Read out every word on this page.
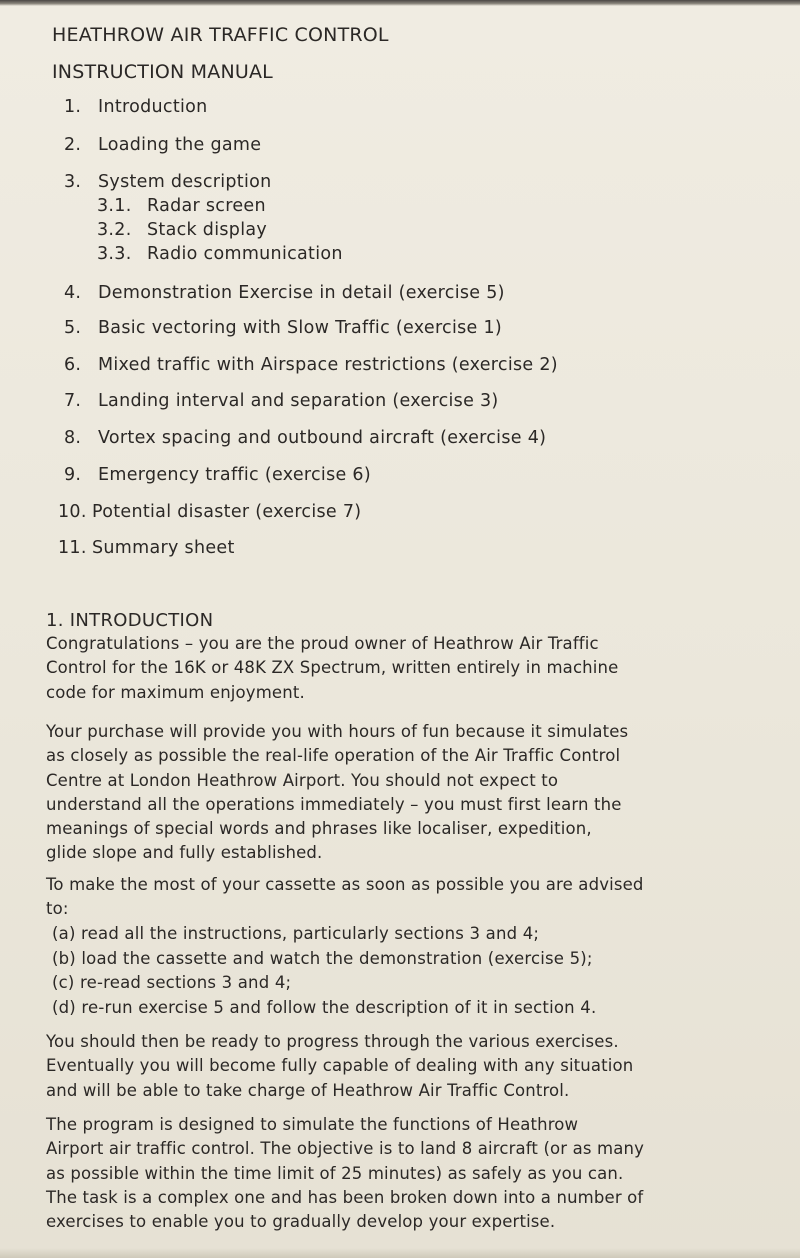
HEATHROW AIR TRAFFIC CONTROL
INSTRUCTION MANUAL
1. Introduction
2. Loading the game
3. System description
3.1. Radar screen
3.2. Stack display
3.3. Radio communication
4. Demonstration Exercise in detail (exercise 5)
5. Basic vectoring with Slow Traffic (exercise 1)
6. Mixed traffic with Airspace restrictions (exercise 2)
7. Landing interval and separation (exercise 3)
8. Vortex spacing and outbound aircraft (exercise 4)
9. Emergency traffic (exercise 6)
10. Potential disaster (exercise 7)
11. Summary sheet
1. INTRODUCTION
Congratulations – you are the proud owner of Heathrow Air Traffic
Control for the 16K or 48K ZX Spectrum, written entirely in machine
code for maximum enjoyment.
Your purchase will provide you with hours of fun because it simulates
as closely as possible the real-life operation of the Air Traffic Control
Centre at London Heathrow Airport. You should not expect to
understand all the operations immediately – you must first learn the
meanings of special words and phrases like localiser, expedition,
glide slope and fully established.
To make the most of your cassette as soon as possible you are advised
to:
(a) read all the instructions, particularly sections 3 and 4;
(b) load the cassette and watch the demonstration (exercise 5);
(c) re-read sections 3 and 4;
(d) re-run exercise 5 and follow the description of it in section 4.
You should then be ready to progress through the various exercises.
Eventually you will become fully capable of dealing with any situation
and will be able to take charge of Heathrow Air Traffic Control.
The program is designed to simulate the functions of Heathrow
Airport air traffic control. The objective is to land 8 aircraft (or as many
as possible within the time limit of 25 minutes) as safely as you can.
The task is a complex one and has been broken down into a number of
exercises to enable you to gradually develop your expertise.
